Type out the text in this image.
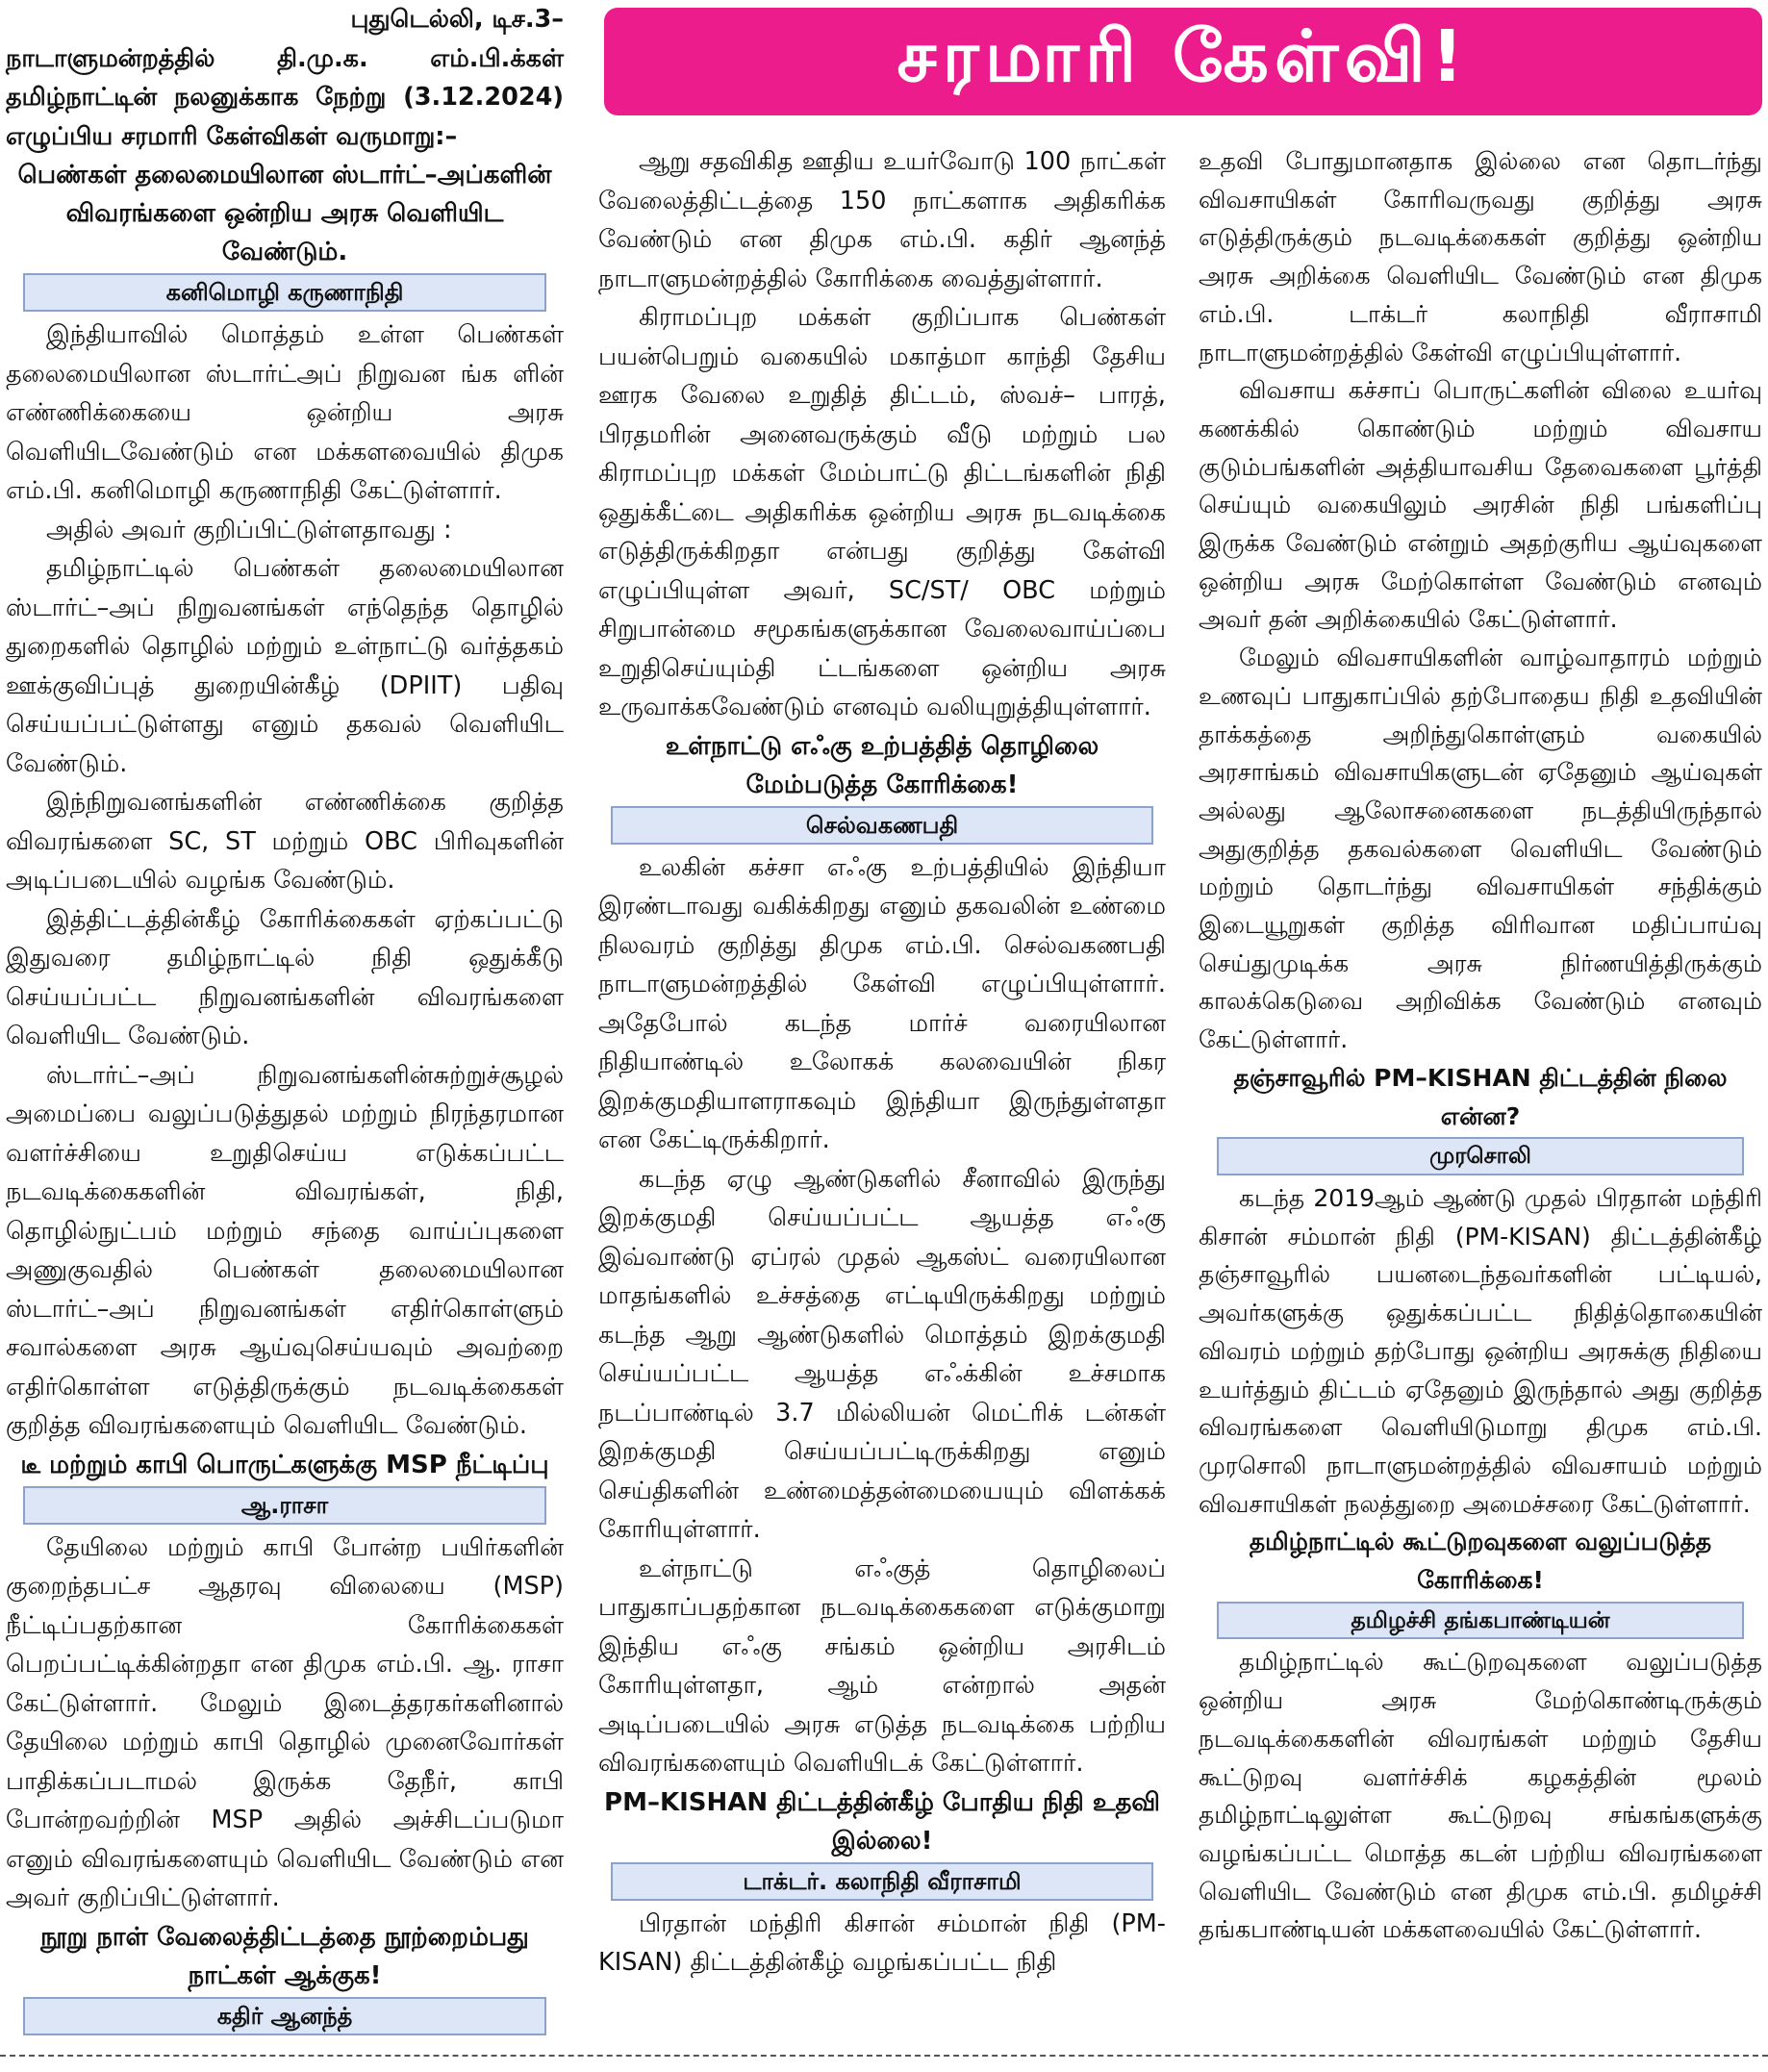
சரமாரி கேள்வி!

புதுடெல்லி, டிச.3–

நாடாளுமன்றத்தில் தி.மு.க. எம்.பி.க்கள் தமிழ்நாட்டின் நலனுக்காக நேற்று (3.12.2024) எழுப்பிய சரமாரி கேள்விகள் வருமாறு:–

பெண்கள் தலைமையிலான ஸ்டார்ட்–அப்களின் விவரங்களை ஒன்றிய அரசு வெளியிட வேண்டும்.

கனிமொழி கருணாநிதி

இந்தியாவில் மொத்தம் உள்ள பெண்கள் தலைமையிலான ஸ்டார்ட்அப் நிறுவன ங்க ளின் எண்ணிக்கையை ஒன்றிய அரசு வெளியிடவேண்டும் என மக்களவையில் திமுக எம்.பி. கனிமொழி கருணாநிதி கேட்டுள்ளார்.

அதில் அவர் குறிப்பிட்டுள்ளதாவது :

தமிழ்நாட்டில் பெண்கள் தலைமையிலான ஸ்டார்ட்–அப் நிறுவனங்கள் எந்தெந்த தொழில் துறைகளில் தொழில் மற்றும் உள்நாட்டு வர்த்தகம் ஊக்குவிப்புத் துறையின்கீழ் (DPIIT) பதிவு செய்யப்பட்டுள்ளது எனும் தகவல் வெளியிட வேண்டும்.

இந்நிறுவனங்களின் எண்ணிக்கை குறித்த விவரங்களை SC, ST மற்றும் OBC பிரிவுகளின் அடிப்படையில் வழங்க வேண்டும்.

இத்திட்டத்தின்கீழ் கோரிக்கைகள் ஏற்கப்பட்டு இதுவரை தமிழ்நாட்டில் நிதி ஒதுக்கீடு செய்யப்பட்ட நிறுவனங்களின் விவரங்களை வெளியிட வேண்டும்.

ஸ்டார்ட்–அப் நிறுவனங்களின்சுற்றுச்சூழல் அமைப்பை வலுப்படுத்துதல் மற்றும் நிரந்தரமான வளர்ச்சியை உறுதிசெய்ய எடுக்கப்பட்ட நடவடிக்கைகளின் விவரங்கள், நிதி, தொழில்நுட்பம் மற்றும் சந்தை வாய்ப்புகளை அணுகுவதில் பெண்கள் தலைமையிலான ஸ்டார்ட்–அப் நிறுவனங்கள் எதிர்கொள்ளும் சவால்களை அரசு ஆய்வுசெய்யவும் அவற்றை எதிர்கொள்ள எடுத்திருக்கும் நடவடிக்கைகள் குறித்த விவரங்களையும் வெளியிட வேண்டும்.

டீ மற்றும் காபி பொருட்களுக்கு MSP நீட்டிப்பு

ஆ.ராசா

தேயிலை மற்றும் காபி போன்ற பயிர்களின் குறைந்தபட்ச ஆதரவு விலையை (MSP) நீட்டிப்பதற்கான கோரிக்கைகள் பெறப்பட்டிக்கின்றதா என திமுக எம்.பி. ஆ. ராசா கேட்டுள்ளார். மேலும் இடைத்தரகர்களினால் தேயிலை மற்றும் காபி தொழில் முனைவோர்கள் பாதிக்கப்படாமல் இருக்க தேநீர், காபி போன்றவற்றின் MSP அதில் அச்சிடப்படுமா எனும் விவரங்களையும் வெளியிட வேண்டும் என அவர் குறிப்பிட்டுள்ளார்.

நூறு நாள் வேலைத்திட்டத்தை நூற்றைம்பது நாட்கள் ஆக்குக!

கதிர் ஆனந்த்

ஆறு சதவிகித ஊதிய உயர்வோடு 100 நாட்கள் வேலைத்திட்டத்தை 150 நாட்களாக அதிகரிக்க வேண்டும் என திமுக எம்.பி. கதிர் ஆனந்த் நாடாளுமன்றத்தில் கோரிக்கை வைத்துள்ளார்.

கிராமப்புற மக்கள் குறிப்பாக பெண்கள் பயன்பெறும் வகையில் மகாத்மா காந்தி தேசிய ஊரக வேலை உறுதித் திட்டம், ஸ்வச்– பாரத், பிரதமரின் அனைவருக்கும் வீடு மற்றும் பல கிராமப்புற மக்கள் மேம்பாட்டு திட்டங்களின் நிதி ஒதுக்கீட்டை அதிகரிக்க ஒன்றிய அரசு நடவடிக்கை எடுத்திருக்கிறதா என்பது குறித்து கேள்வி எழுப்பியுள்ள அவர், SC/ST/ OBC மற்றும் சிறுபான்மை சமூகங்களுக்கான வேலைவாய்ப்பை உறுதிசெய்யும்தி ட்டங்களை ஒன்றிய அரசு உருவாக்கவேண்டும் எனவும் வலியுறுத்தியுள்ளார்.

உள்நாட்டு எஃகு உற்பத்தித் தொழிலை மேம்படுத்த கோரிக்கை!

செல்வகணபதி

உலகின் கச்சா எஃகு உற்பத்தியில் இந்தியா இரண்டாவது வகிக்கிறது எனும் தகவலின் உண்மை நிலவரம் குறித்து திமுக எம்.பி. செல்வகணபதி நாடாளுமன்றத்தில் கேள்வி எழுப்பியுள்ளார். அதேபோல் கடந்த மார்ச் வரையிலான நிதியாண்டில் உலோகக் கலவையின் நிகர இறக்குமதியாளராகவும் இந்தியா இருந்துள்ளதா என கேட்டிருக்கிறார்.

கடந்த ஏழு ஆண்டுகளில் சீனாவில் இருந்து இறக்குமதி செய்யப்பட்ட ஆயத்த எஃகு இவ்வாண்டு ஏப்ரல் முதல் ஆகஸ்ட் வரையிலான மாதங்களில் உச்சத்தை எட்டியிருக்கிறது மற்றும் கடந்த ஆறு ஆண்டுகளில் மொத்தம் இறக்குமதி செய்யப்பட்ட ஆயத்த எஃக்கின் உச்சமாக நடப்பாண்டில் 3.7 மில்லியன் மெட்ரிக் டன்கள் இறக்குமதி செய்யப்பட்டிருக்கிறது எனும் செய்திகளின் உண்மைத்தன்மையையும் விளக்கக் கோரியுள்ளார்.

உள்நாட்டு எஃகுத் தொழிலைப் பாதுகாப்பதற்கான நடவடிக்கைகளை எடுக்குமாறு இந்திய எஃகு சங்கம் ஒன்றிய அரசிடம் கோரியுள்ளதா, ஆம் என்றால் அதன் அடிப்படையில் அரசு எடுத்த நடவடிக்கை பற்றிய விவரங்களையும் வெளியிடக் கேட்டுள்ளார்.

PM–KISHAN திட்டத்தின்கீழ் போதிய நிதி உதவி இல்லை!

டாக்டர். கலாநிதி வீராசாமி

பிரதான் மந்திரி கிசான் சம்மான் நிதி (PM- KISAN) திட்டத்தின்கீழ் வழங்கப்பட்ட நிதி

உதவி போதுமானதாக இல்லை என தொடர்ந்து விவசாயிகள் கோரிவருவது குறித்து அரசு எடுத்திருக்கும் நடவடிக்கைகள் குறித்து ஒன்றிய அரசு அறிக்கை வெளியிட வேண்டும் என திமுக எம்.பி. டாக்டர் கலாநிதி வீராசாமி நாடாளுமன்றத்தில் கேள்வி எழுப்பியுள்ளார்.

விவசாய கச்சாப் பொருட்களின் விலை உயர்வு கணக்கில் கொண்டும் மற்றும் விவசாய குடும்பங்களின் அத்தியாவசிய தேவைகளை பூர்த்தி செய்யும் வகையிலும் அரசின் நிதி பங்களிப்பு இருக்க வேண்டும் என்றும் அதற்குரிய ஆய்வுகளை ஒன்றிய அரசு மேற்கொள்ள வேண்டும் எனவும் அவர் தன் அறிக்கையில் கேட்டுள்ளார்.

மேலும் விவசாயிகளின் வாழ்வாதாரம் மற்றும் உணவுப் பாதுகாப்பில் தற்போதைய நிதி உதவியின் தாக்கத்தை அறிந்துகொள்ளும் வகையில் அரசாங்கம் விவசாயிகளுடன் ஏதேனும் ஆய்வுகள் அல்லது ஆலோசனைகளை நடத்தியிருந்தால் அதுகுறித்த தகவல்களை வெளியிட வேண்டும் மற்றும் தொடர்ந்து விவசாயிகள் சந்திக்கும் இடையூறுகள் குறித்த விரிவான மதிப்பாய்வு செய்துமுடிக்க அரசு நிர்ணயித்திருக்கும் காலக்கெடுவை அறிவிக்க வேண்டும் எனவும் கேட்டுள்ளார்.

தஞ்சாவூரில் PM–KISHAN திட்டத்தின் நிலை என்ன?

முரசொலி

கடந்த 2019ஆம் ஆண்டு முதல் பிரதான் மந்திரி கிசான் சம்மான் நிதி (PM-KISAN) திட்டத்தின்கீழ் தஞ்சாவூரில் பயனடைந்தவர்களின் பட்டியல், அவர்களுக்கு ஒதுக்கப்பட்ட நிதித்தொகையின் விவரம் மற்றும் தற்போது ஒன்றிய அரசுக்கு நிதியை உயர்த்தும் திட்டம் ஏதேனும் இருந்தால் அது குறித்த விவரங்களை வெளியிடுமாறு திமுக எம்.பி. முரசொலி நாடாளுமன்றத்தில் விவசாயம் மற்றும் விவசாயிகள் நலத்துறை அமைச்சரை கேட்டுள்ளார்.

தமிழ்நாட்டில் கூட்டுறவுகளை வலுப்படுத்த கோரிக்கை!

தமிழச்சி தங்கபாண்டியன்

தமிழ்நாட்டில் கூட்டுறவுகளை வலுப்படுத்த ஒன்றிய அரசு மேற்கொண்டிருக்கும் நடவடிக்கைகளின் விவரங்கள் மற்றும் தேசிய கூட்டுறவு வளர்ச்சிக் கழகத்தின் மூலம் தமிழ்நாட்டிலுள்ள கூட்டுறவு சங்கங்களுக்கு வழங்கப்பட்ட மொத்த கடன் பற்றிய விவரங்களை வெளியிட வேண்டும் என திமுக எம்.பி. தமிழச்சி தங்கபாண்டியன் மக்களவையில் கேட்டுள்ளார்.
